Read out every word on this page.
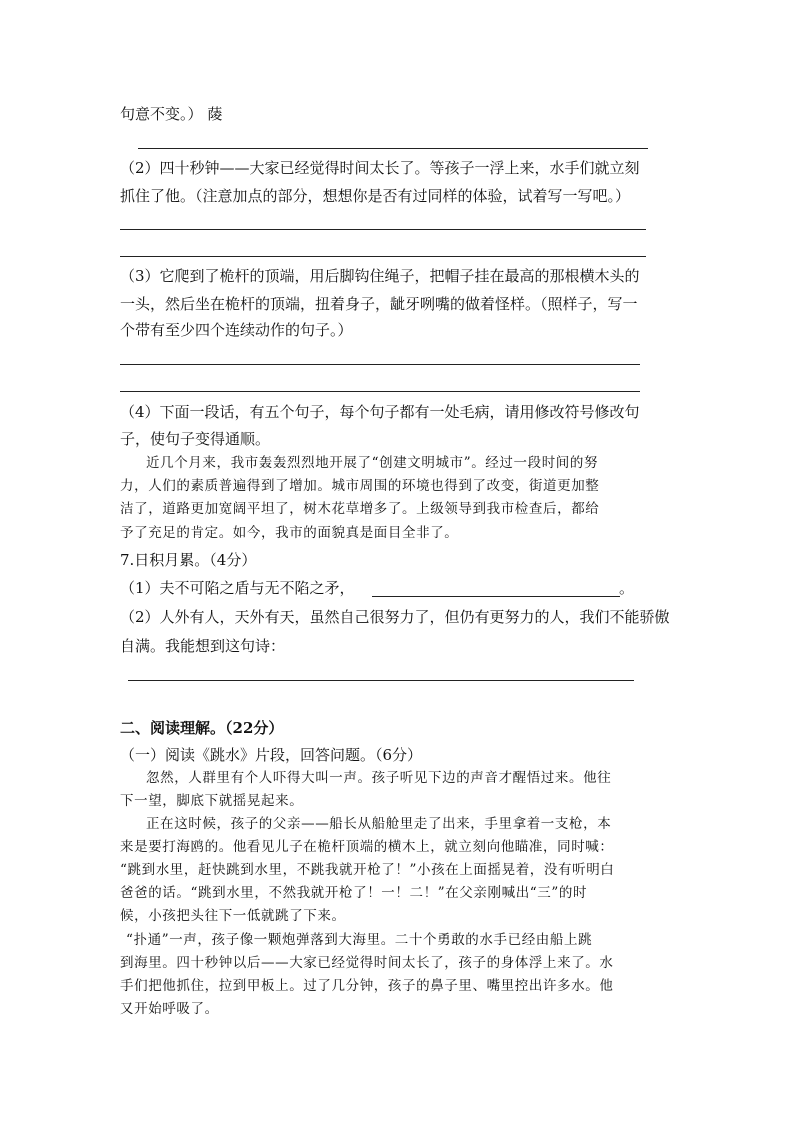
句意不变。） 䔖
（2）四十秒钟——大家已经觉得时间太长了。等孩子一浮上来，水手们就立刻
抓住了他。（注意加点的部分，想想你是否有过同样的体验，试着写一写吧。）
（3）它爬到了桅杆的顶端，用后脚钩住绳子，把帽子挂在最高的那根横木头的
一头，然后坐在桅杆的顶端，扭着身子，龇牙咧嘴的做着怪样。（照样子，写一
个带有至少四个连续动作的句子。）
（4）下面一段话，有五个句子，每个句子都有一处毛病，请用修改符号修改句
子，使句子变得通顺。
近几个月来，我市轰轰烈烈地开展了“创建文明城市”。经过一段时间的努
力，人们的素质普遍得到了增加。城市周围的环境也得到了改变，街道更加整
洁了，道路更加宽阔平坦了，树木花草增多了。上级领导到我市检查后，都给
予了充足的肯定。如今，我市的面貌真是面目全非了。
7.日积月累。（4分）
（1）夫不可陷之盾与无不陷之矛，	。
（2）人外有人，天外有天，虽然自己很努力了，但仍有更努力的人，我们不能骄傲
自满。我能想到这句诗：
二、阅读理解。（22分）
（一）阅读《跳水》片段，回答问题。（6分）
忽然，人群里有个人吓得大叫一声。孩子听见下边的声音才醒悟过来。他往
下一望，脚底下就摇晃起来。
正在这时候，孩子的父亲——船长从船舱里走了出来，手里拿着一支枪，本
来是要打海鸥的。他看见儿子在桅杆顶端的横木上，就立刻向他瞄准，同时喊：
“跳到水里，赶快跳到水里，不跳我就开枪了！”小孩在上面摇晃着，没有听明白
爸爸的话。“跳到水里，不然我就开枪了！一！二！”在父亲刚喊出“三”的时
候，小孩把头往下一低就跳了下来。
“扑通”一声，孩子像一颗炮弹落到大海里。二十个勇敢的水手已经由船上跳
到海里。四十秒钟以后——大家已经觉得时间太长了，孩子的身体浮上来了。水
手们把他抓住，拉到甲板上。过了几分钟，孩子的鼻子里、嘴里控出许多水。他
又开始呼吸了。
